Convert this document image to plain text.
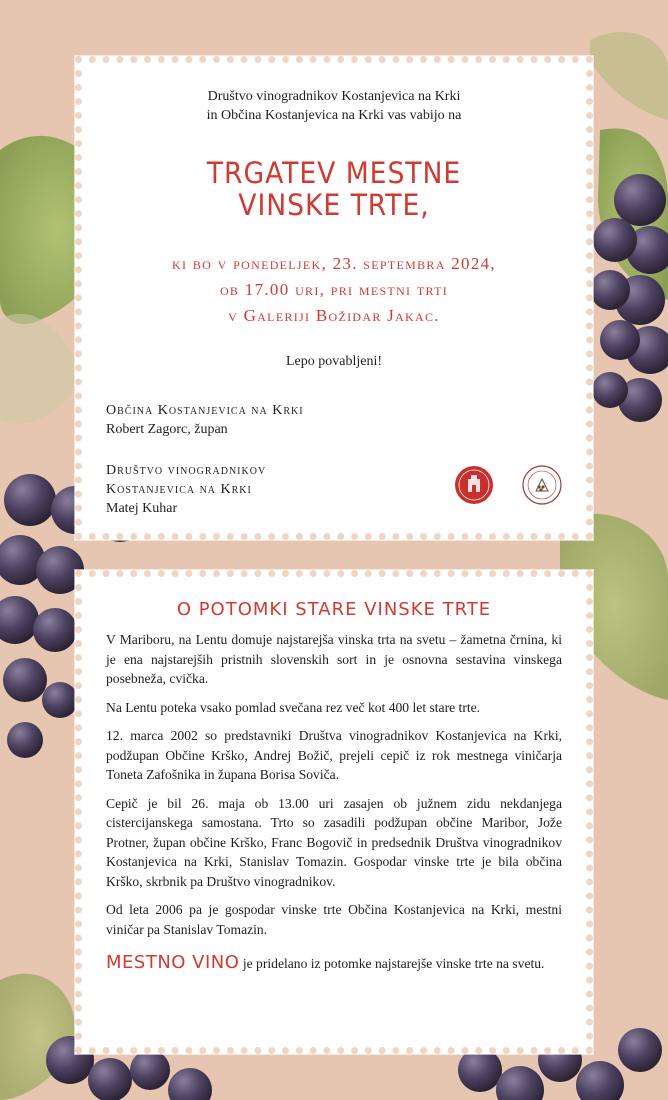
Društvo vinogradnikov Kostanjevica na Krki
in Občina Kostanjevica na Krki vas vabijo na
TRGATEV MESTNE
VINSKE TRTE,
ki bo v ponedeljek, 23. septembra 2024,
ob 17.00 uri, pri mestni trti
v Galeriji Božidar Jakac.
Lepo povabljeni!
Občina Kostanjevica na Krki
Robert Zagorc, župan
Društvo vinogradnikov
Kostanjevica na Krki
Matej Kuhar
O POTOMKI STARE VINSKE TRTE

V Mariboru, na Lentu domuje najstarejša vinska trta na svetu – žametna črnina, ki je ena najstarejših pristnih slovenskih sort in je osnovna sestavina vinskega posebneža, cvička.

Na Lentu poteka vsako pomlad svečana rez več kot 400 let stare trte.

12. marca 2002 so predstavniki Društva vinogradnikov Kostanjevica na Krki, podžupan Občine Krško, Andrej Božič, prejeli cepič iz rok mestnega viničarja Toneta Zafošnika in župana Borisa Soviča.

Cepič je bil 26. maja ob 13.00 uri zasajen ob južnem zidu nekdanjega cistercijanskega samostana. Trto so zasadili podžupan občine Maribor, Jože Protner, župan občine Krško, Franc Bogovič in predsednik Društva vinogradnikov Kostanjevica na Krki, Stanislav Tomazin. Gospodar vinske trte je bila občina Krško, skrbnik pa Društvo vinogradnikov.

Od leta 2006 pa je gospodar vinske trte Občina Kostanjevica na Krki, mestni viničar pa Stanislav Tomazin.

MESTNO VINO je pridelano iz potomke najstarejše vinske trte na svetu.
